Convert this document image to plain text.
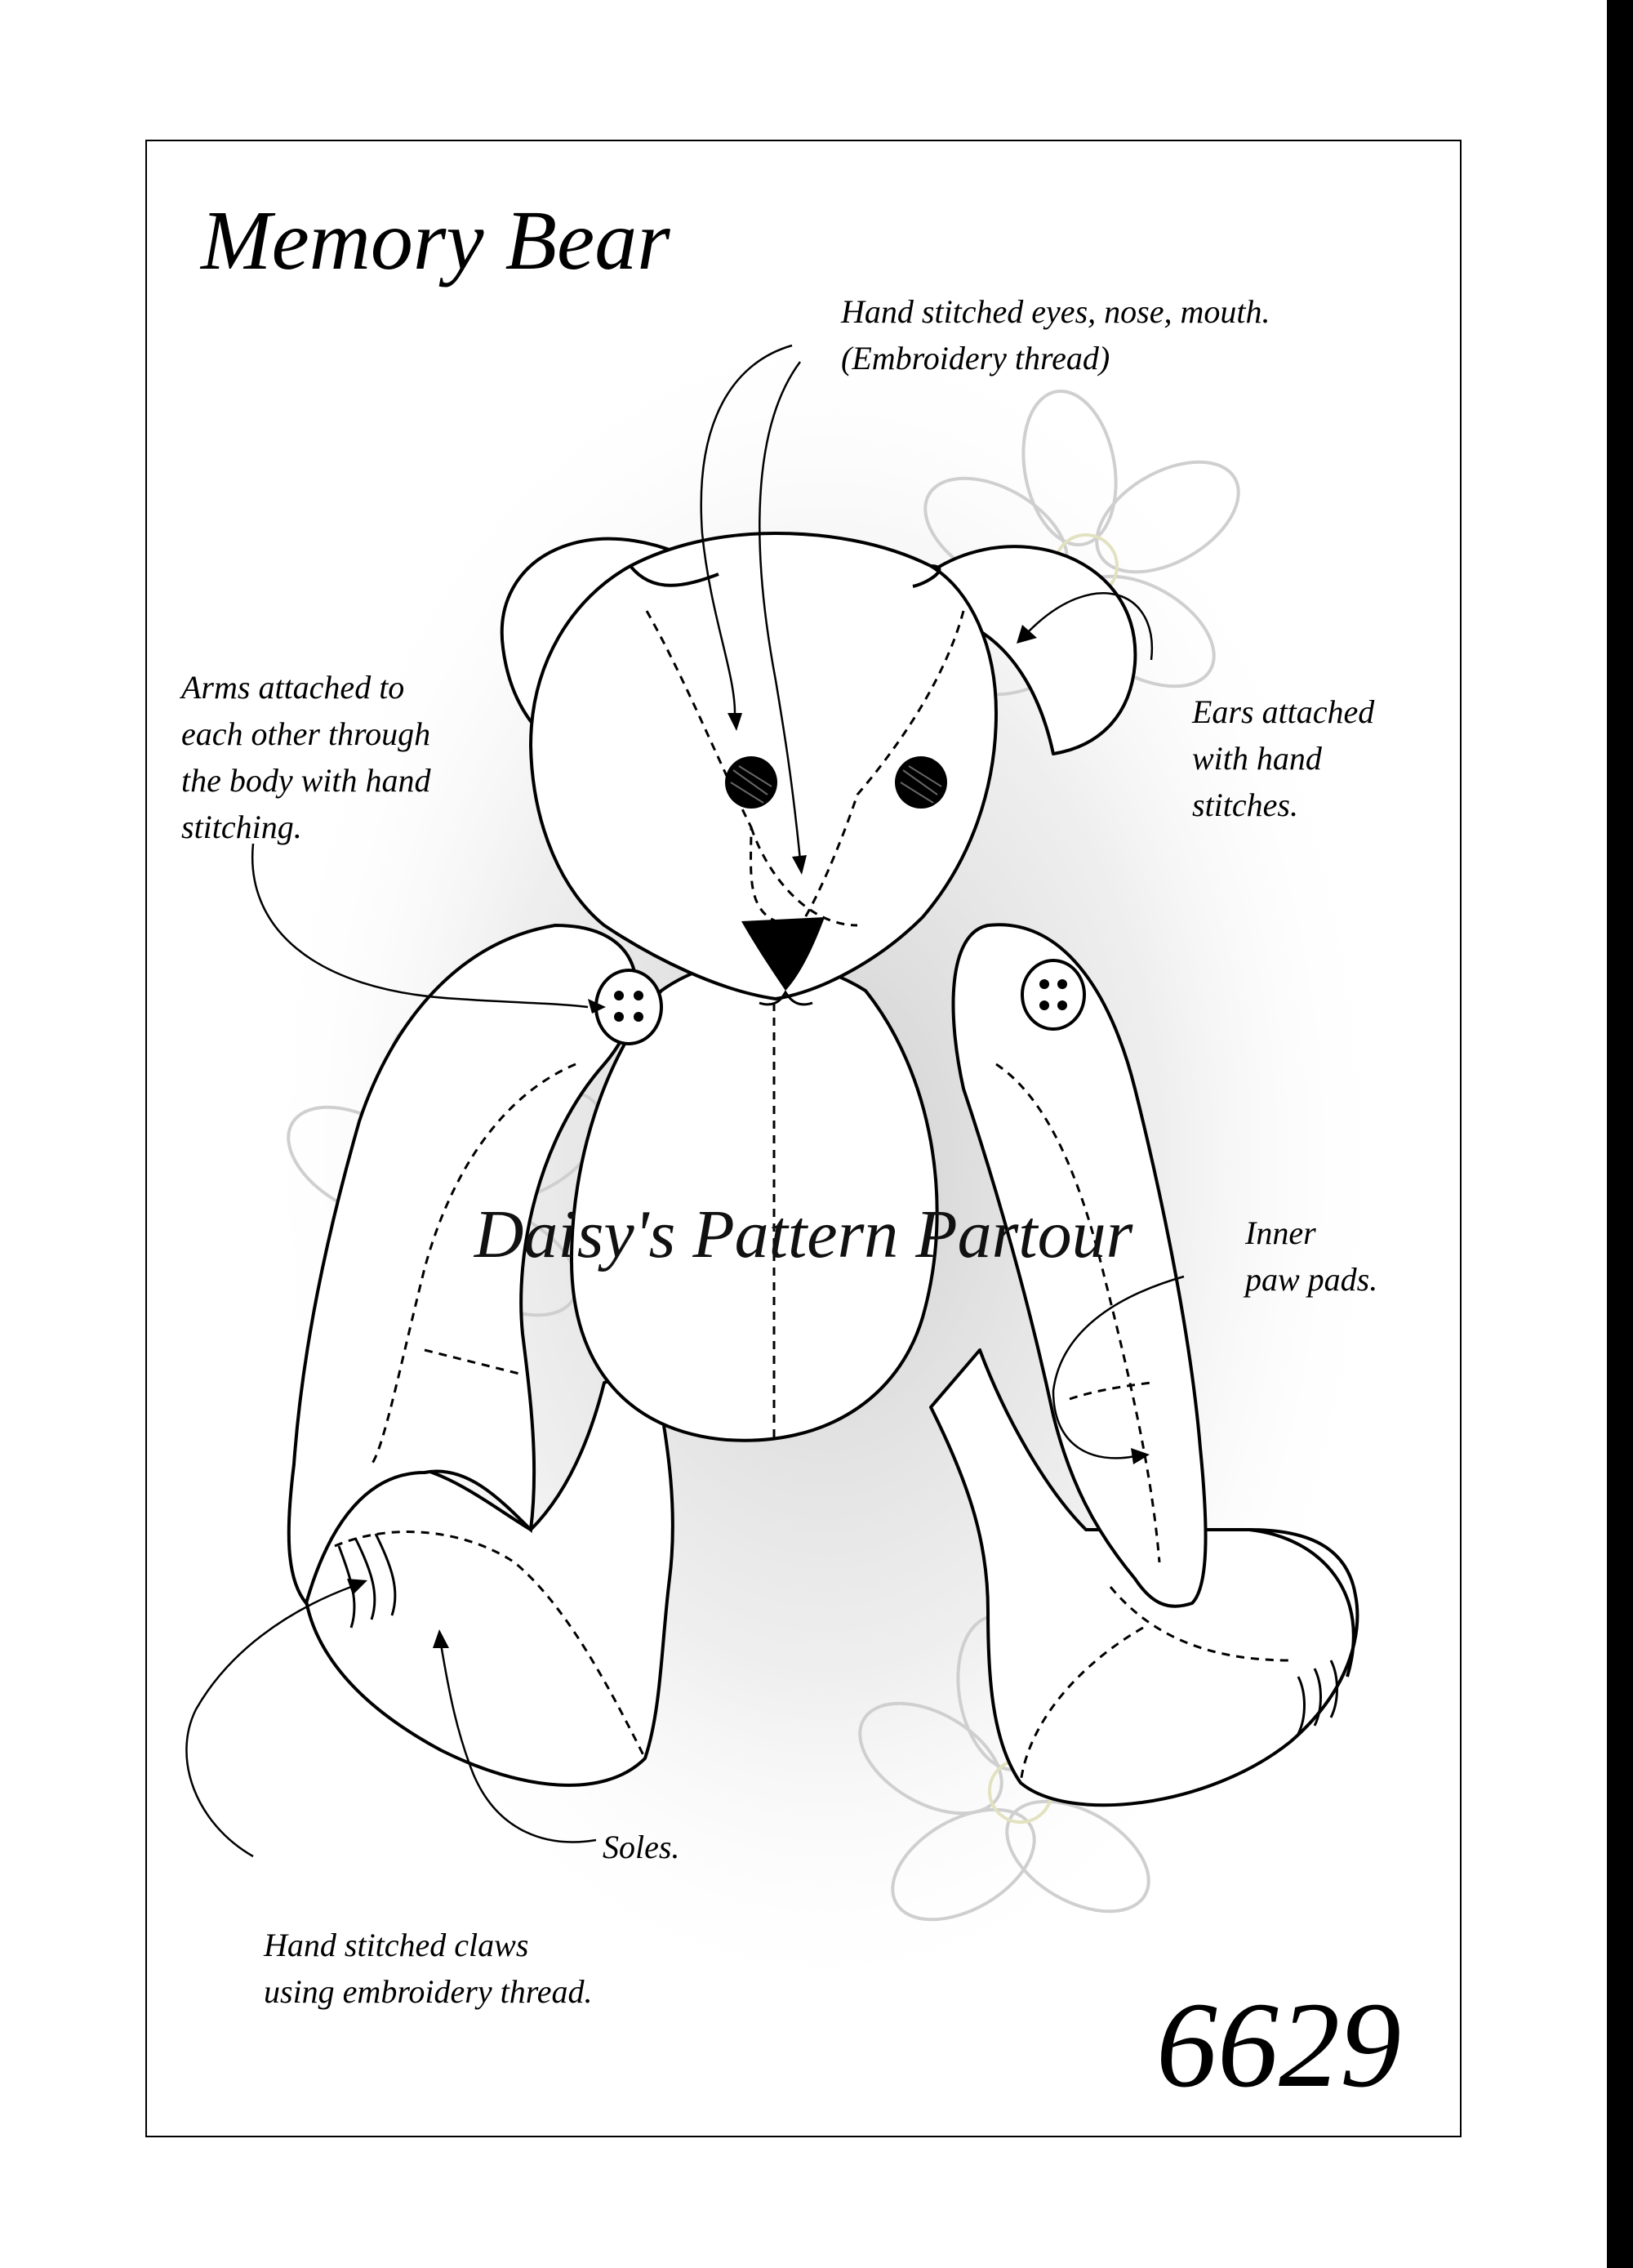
Memory Bear
Hand stitched eyes, nose, mouth.
(Embroidery thread)
Arms attached to
each other through
the body with hand
stitching.
Ears attached
with hand
stitches.
Inner
paw pads.
Soles.
Hand stitched claws
using embroidery thread.
Daisy's Pattern Partour
6629
